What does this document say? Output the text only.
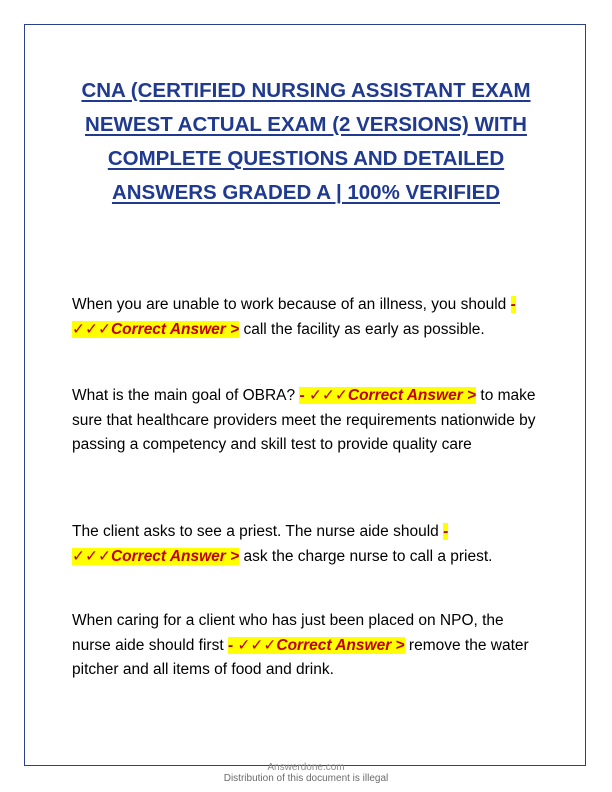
CNA (CERTIFIED NURSING ASSISTANT EXAM NEWEST ACTUAL EXAM (2 VERSIONS) WITH COMPLETE QUESTIONS AND DETAILED ANSWERS GRADED A | 100% VERIFIED
When you are unable to work because of an illness, you should - ✓✓✓Correct Answer > call the facility as early as possible.
What is the main goal of OBRA? - ✓✓✓Correct Answer > to make sure that healthcare providers meet the requirements nationwide by passing a competency and skill test to provide quality care
The client asks to see a priest. The nurse aide should - ✓✓✓Correct Answer > ask the charge nurse to call a priest.
When caring for a client who has just been placed on NPO, the nurse aide should first - ✓✓✓Correct Answer > remove the water pitcher and all items of food and drink.
Answerdone.com
Distribution of this document is illegal
